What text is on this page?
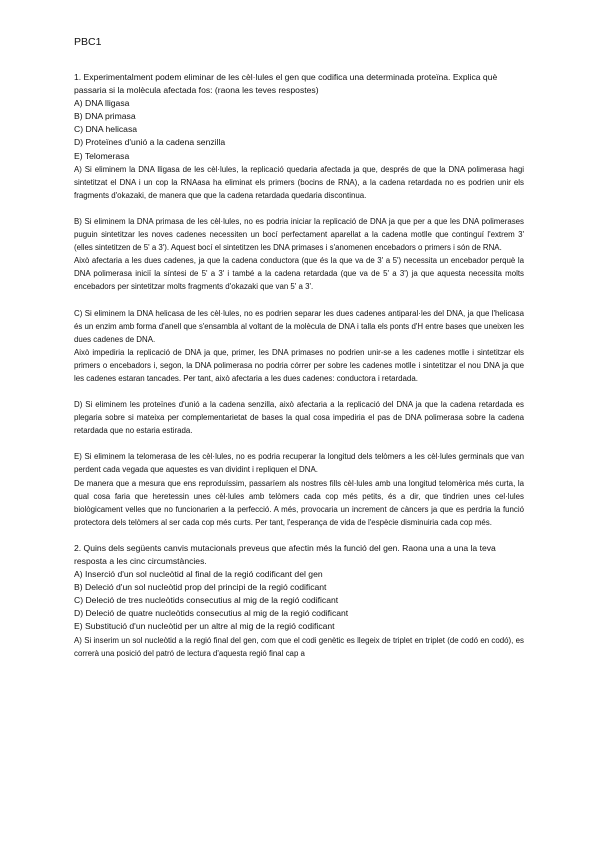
PBC1

1. Experimentalment podem eliminar de les cèl·lules el gen que codifica una determinada proteïna. Explica què passaria si la molècula afectada fos: (raona les teves respostes)

A) DNA lligasa

B) DNA primasa

C) DNA helicasa

D) Proteïnes d'unió a la cadena senzilla

E) Telomerasa

A) Si eliminem la DNA lligasa de les cèl·lules, la replicació quedaria afectada ja que, després de que la DNA polimerasa hagi sintetitzat el DNA i un cop la RNAasa ha eliminat els primers (bocins de RNA), a la cadena retardada no es podrien unir els fragments d'okazaki, de manera que que la cadena retardada quedaria discontinua.

B) Si eliminem la DNA primasa de les cèl·lules, no es podria iniciar la replicació de DNA ja que per a que les DNA polimerases puguin sintetitzar les noves cadenes necessiten un bocí perfectament aparellat a la cadena motlle que continguí l'extrem 3' (elles sintetitzen de 5' a 3'). Aquest bocí el sintetitzen les DNA primases i s'anomenen encebadors o primers i són de RNA.

Això afectaria a les dues cadenes, ja que la cadena conductora (que és la que va de 3' a 5') necessita un encebador perquè la DNA polimerasa iniciï la síntesi de 5' a 3' i també a la cadena retardada (que va de 5' a 3') ja que aquesta necessita molts encebadors per sintetitzar molts fragments d'okazaki que van 5' a 3'.

C) Si eliminem la DNA helicasa de les cèl·lules, no es podrien separar les dues cadenes antiparal·les del DNA, ja que l'helicasa és un enzim amb forma d'anell que s'ensambla al voltant de la molècula de DNA i talla els ponts d'H entre bases que uneixen les dues cadenes de DNA.

Això impediria la replicació de DNA ja que, primer, les DNA primases no podrien unir-se a les cadenes motlle i sintetitzar els primers o encebadors i, segon, la DNA polimerasa no podria córrer per sobre les cadenes motlle i sintetitzar el nou DNA ja que les cadenes estaran tancades. Per tant, això afectaria a les dues cadenes: conductora i retardada.

D) Si eliminem les proteïnes d'unió a la cadena senzilla, això afectaria a la replicació del DNA ja que la cadena retardada es plegaria sobre si mateixa per complementarietat de bases la qual cosa impediria el pas de DNA polimerasa sobre la cadena retardada que no estaria estirada.

E) Si eliminem la telomerasa de les cèl·lules, no es podria recuperar la longitud dels telòmers a les cèl·lules germinals que van perdent cada vegada que aquestes es van dividint i repliquen el DNA.

De manera que a mesura que ens reproduíssim, passaríem als nostres fills cèl·lules amb una longitud telomèrica més curta, la qual cosa faria que heretessin unes cèl·lules amb telòmers cada cop més petits, és a dir, que tindrien unes cel·lules biològicament velles que no funcionarien a la perfecció. A més, provocaria un increment de càncers ja que es perdria la funció protectora dels telòmers al ser cada cop més curts. Per tant, l'esperança de vida de l'espècie disminuiria cada cop més.

2. Quins dels següents canvis mutacionals preveus que afectin més la funció del gen. Raona una a una la teva resposta a les cinc circumstàncies.

A) Inserció d'un sol nucleòtid al final de la regió codificant del gen

B) Deleció d'un sol nucleòtid prop del principi de la regió codificant

C) Deleció de tres nucleòtids consecutius al mig de la regió codificant

D) Deleció de quatre nucleòtids consecutius al mig de la regió codificant

E) Substitució d'un nucleòtid per un altre al mig de la regió codificant

A) Si inserim un sol nucleòtid a la regió final del gen, com que el codi genètic es llegeix de triplet en triplet (de codó en codó), es correrà una posició del patró de lectura d'aquesta regió final cap a
